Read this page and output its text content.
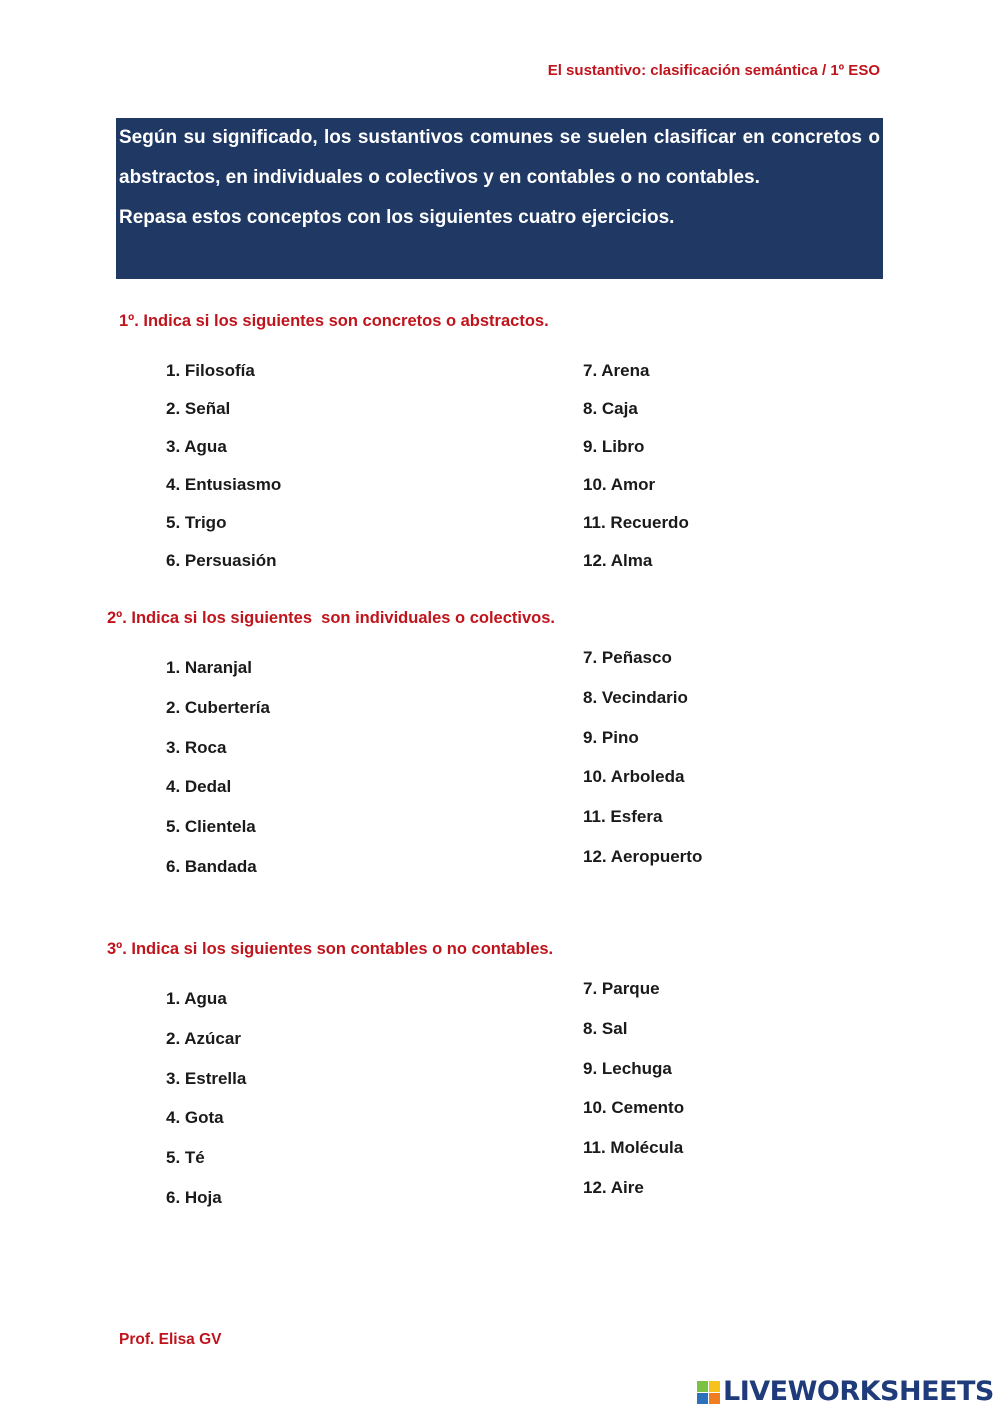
El sustantivo: clasificación semántica / 1º ESO

Según su significado, los sustantivos comunes se suelen clasificar en concretos o abstractos, en individuales o colectivos y en contables o no contables.

Repasa estos conceptos con los siguientes cuatro ejercicios.

1º. Indica si los siguientes son concretos o abstractos.
1. Filosofía
2. Señal
3. Agua
4. Entusiasmo
5. Trigo
6. Persuasión
7. Arena
8. Caja
9. Libro
10. Amor
11. Recuerdo
12. Alma
2º. Indica si los siguientes  son individuales o colectivos.
1. Naranjal
2. Cubertería
3. Roca
4. Dedal
5. Clientela
6. Bandada
7. Peñasco
8. Vecindario
9. Pino
10. Arboleda
11. Esfera
12. Aeropuerto
3º. Indica si los siguientes son contables o no contables.
1. Agua
2. Azúcar
3. Estrella
4. Gota
5. Té
6. Hoja
7. Parque
8. Sal
9. Lechuga
10. Cemento
11. Molécula
12. Aire
Prof. Elisa GV
LIVEWORKSHEETS
